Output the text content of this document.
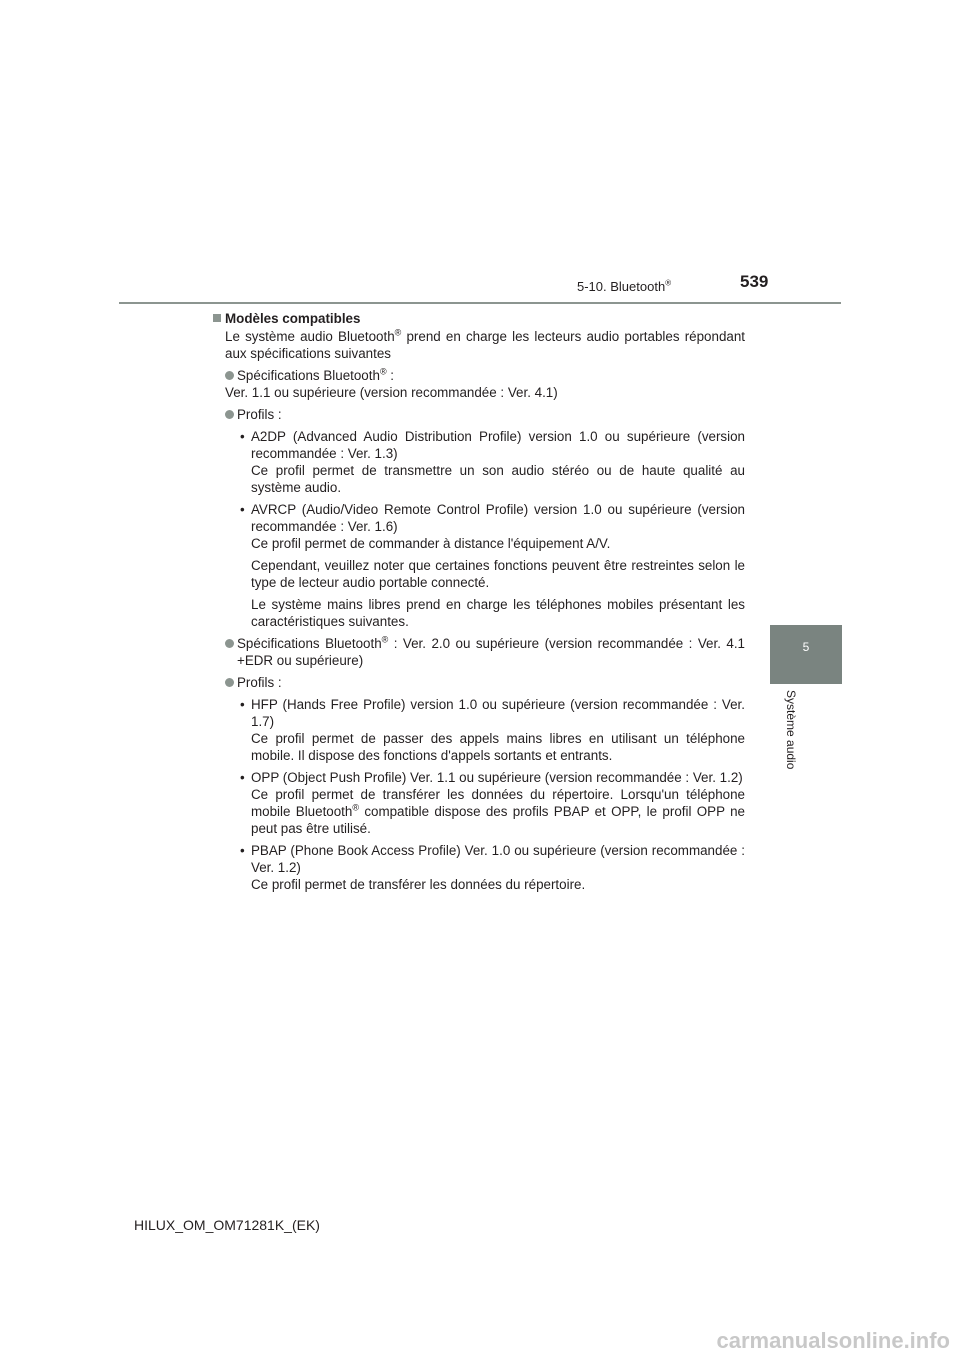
5-10. Bluetooth®	539
5
Système audio
Modèles compatibles

Le système audio Bluetooth® prend en charge les lecteurs audio portables répondant aux spécifications suivantes

Spécifications Bluetooth® :

Ver. 1.1 ou supérieure (version recommandée : Ver. 4.1)

Profils :

• A2DP (Advanced Audio Distribution Profile) version 1.0 ou supérieure (version recommandée : Ver. 1.3)

Ce profil permet de transmettre un son audio stéréo ou de haute qualité au système audio.

• AVRCP (Audio/Video Remote Control Profile) version 1.0 ou supérieure (version recommandée : Ver. 1.6)

Ce profil permet de commander à distance l'équipement A/V.

Cependant, veuillez noter que certaines fonctions peuvent être restreintes selon le type de lecteur audio portable connecté.

Le système mains libres prend en charge les téléphones mobiles présentant les caractéristiques suivantes.

Spécifications Bluetooth® : Ver. 2.0 ou supérieure (version recommandée : Ver. 4.1 +EDR ou supérieure)

Profils :

• HFP (Hands Free Profile) version 1.0 ou supérieure (version recommandée : Ver. 1.7)

Ce profil permet de passer des appels mains libres en utilisant un téléphone mobile. Il dispose des fonctions d'appels sortants et entrants.

• OPP (Object Push Profile) Ver. 1.1 ou supérieure (version recommandée : Ver. 1.2)

Ce profil permet de transférer les données du répertoire. Lorsqu'un téléphone mobile Bluetooth® compatible dispose des profils PBAP et OPP, le profil OPP ne peut pas être utilisé.

• PBAP (Phone Book Access Profile) Ver. 1.0 ou supérieure (version recommandée : Ver. 1.2)

Ce profil permet de transférer les données du répertoire.

HILUX_OM_OM71281K_(EK)
carmanualsonline.info
